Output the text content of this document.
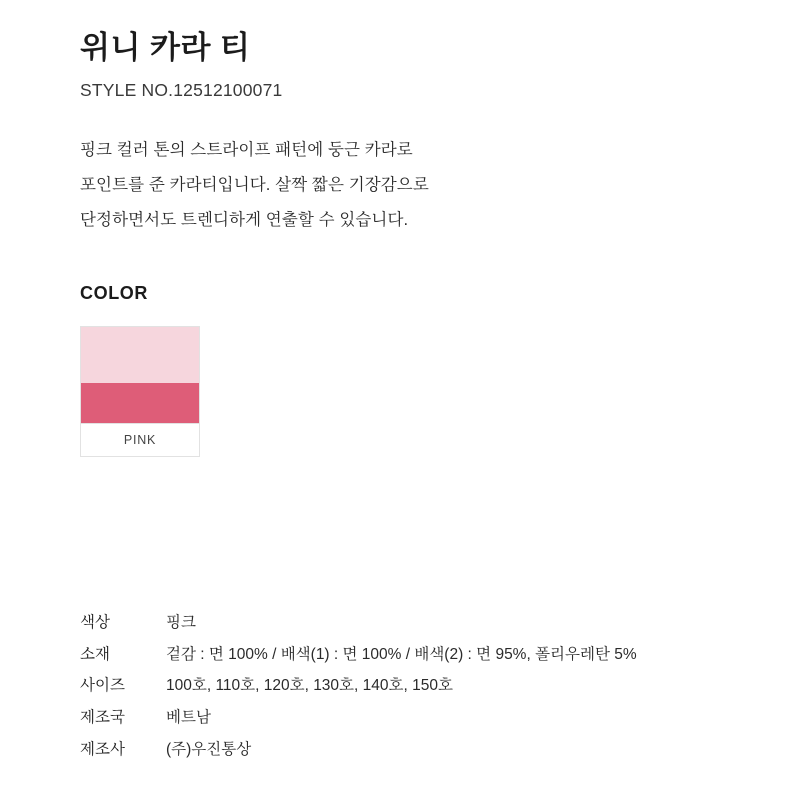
위니 카라 티

STYLE NO.12512100071

핑크 컬러 톤의 스트라이프 패턴에 둥근 카라로
포인트를 준 카라티입니다. 살짝 짧은 기장감으로
단정하면서도 트렌디하게 연출할 수 있습니다.
COLOR
PINK
색상	핑크
소재	겉감 : 면 100% / 배색(1) : 면 100% / 배색(2) : 면 95%, 폴리우레탄 5%
사이즈	100호, 110호, 120호, 130호, 140호, 150호
제조국	베트남
제조사	(주)우진통상
